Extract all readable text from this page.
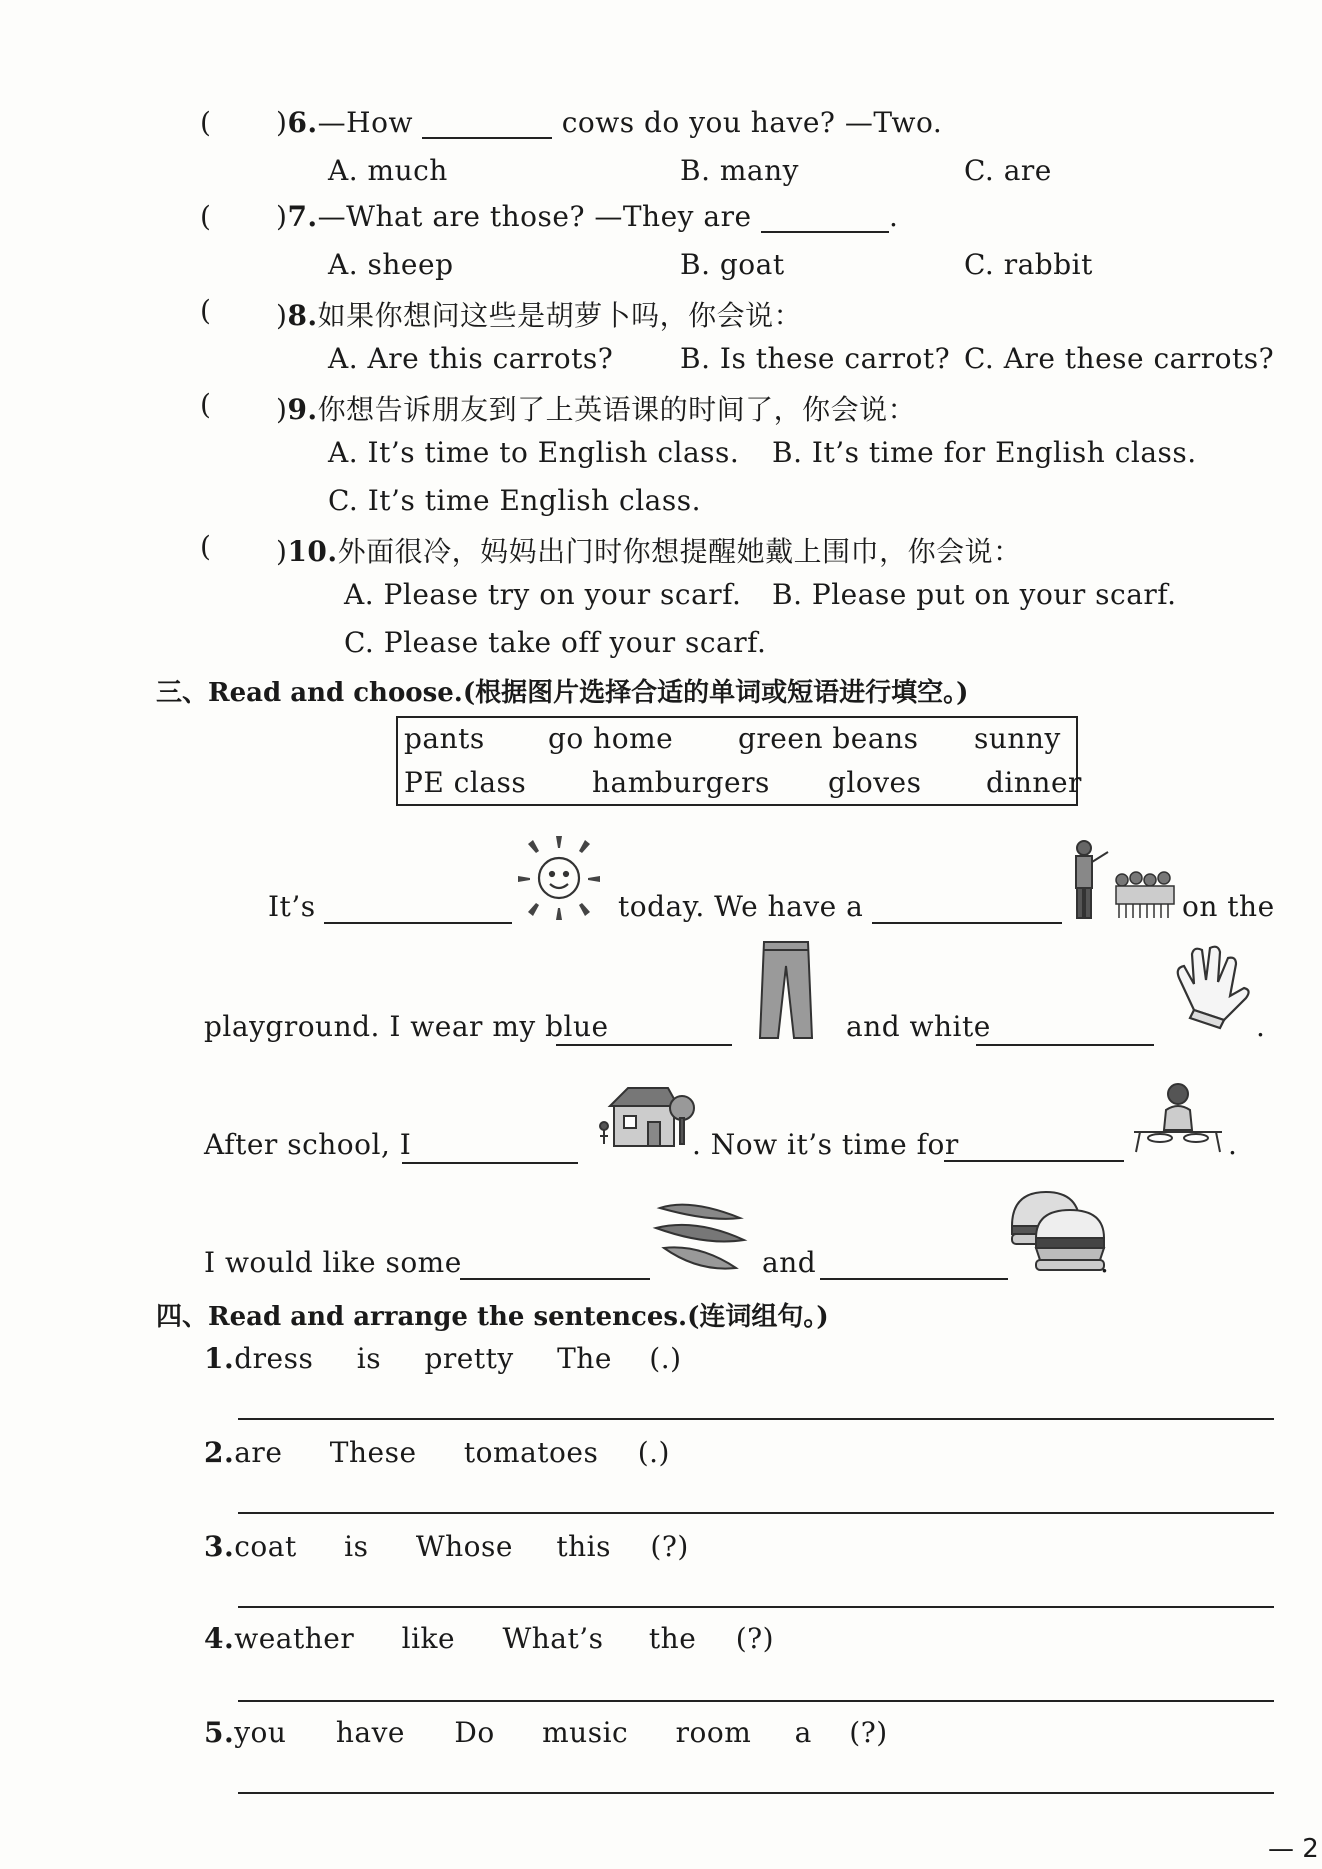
( )6.—How	cows do you have? —Two.
A. much	B. many	C. are
( )7.—What are those? —They are	.
A. sheep	B. goat	C. rabbit
( )8.如果你想问这些是胡萝卜吗，你会说：
A. Are this carrots? B. Is these carrot? C. Are these carrots?
( )9.你想告诉朋友到了上英语课的时间了，你会说：
A. It’s time to English class. B. It’s time for English class.
C. It’s time English class.
( )10.外面很冷，妈妈出门时你想提醒她戴上围巾，你会说：
A. Please try on your scarf. B. Please put on your scarf.
C. Please take off your scarf.
三、Read and choose.(根据图片选择合适的单词或短语进行填空。)
pants go home green beans sunny
PE class hamburgers gloves dinner
It’s	today. We have a	on the
playground. I wear my blue	and white	.
After school, I	. Now it’s time for	.
I would like some	and	.
四、Read and arrange the sentences.(连词组句。)
1.dress is pretty The (.)
2.are These tomatoes (.)
3.coat is Whose this (?)
4.weather like What’s the (?)
5.you have Do music room a (?)
— 2
